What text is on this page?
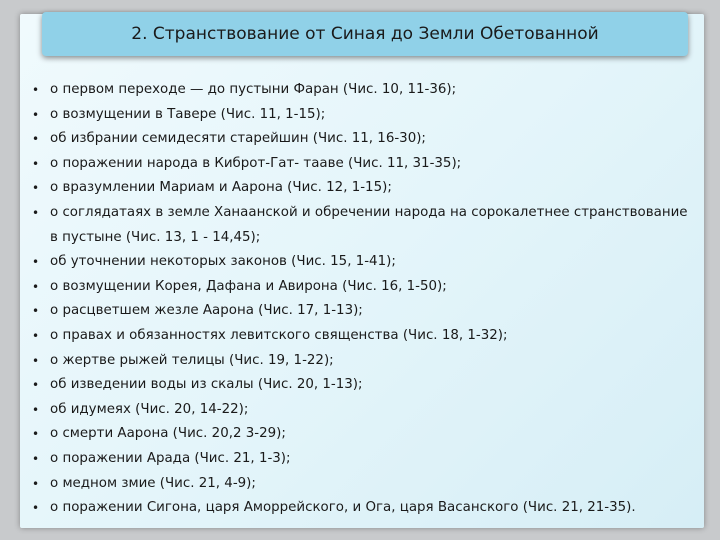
2. Странствование от Синая до Земли Обетованной
• о первом переходе — до пустыни Фаран (Чис. 10, 11-36);
• о возмущении в Тавере (Чис. 11, 1-15);
• об избрании семидесяти старейшин (Чис. 11, 16-30);
• о поражении народа в Киброт-Гат- тааве (Чис. 11, 31-35);
• о вразумлении Мариам и Аарона (Чис. 12, 1-15);
• о соглядатаях в земле Ханаанской и обречении народа на сорокалетнее странствование в пустыне (Чис. 13, 1 - 14,45);
• об уточнении некоторых законов (Чис. 15, 1-41);
• о возмущении Корея, Дафана и Авирона (Чис. 16, 1-50);
• о расцветшем жезле Аарона (Чис. 17, 1-13);
• о правах и обязанностях левитского священства (Чис. 18, 1-32);
• о жертве рыжей телицы (Чис. 19, 1-22);
• об изведении воды из скалы (Чис. 20, 1-13);
• об идумеях (Чис. 20, 14-22);
• о смерти Аарона (Чис. 20,2 3-29);
• о поражении Арада (Чис. 21, 1-3);
• о медном змие (Чис. 21, 4-9);
• о поражении Сигона, царя Аморрейского, и Ога, царя Васанского (Чис. 21, 21-35).
